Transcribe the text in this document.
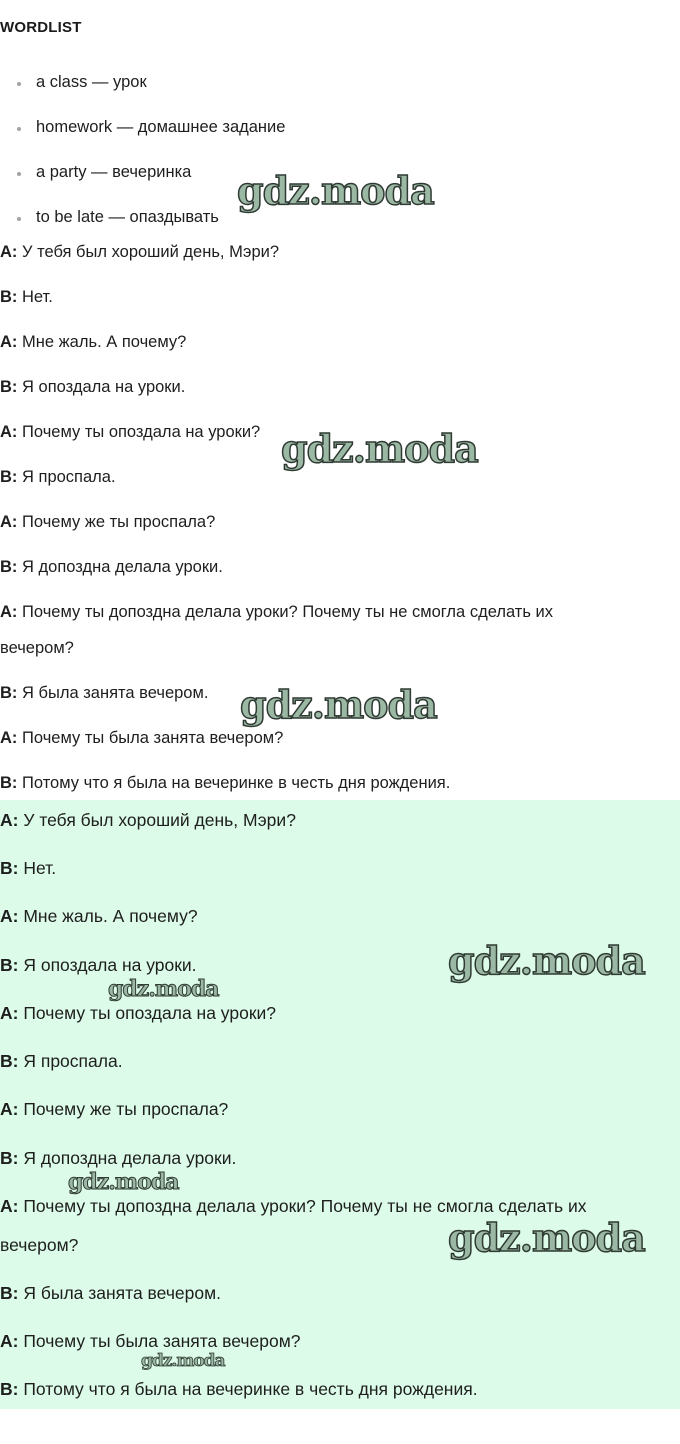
WORDLIST
a class — урок
homework — домашнее задание
a party — вечеринка
to be late — опаздывать
A: У тебя был хороший день, Мэри?
B: Нет.
A: Мне жаль. А почему?
B: Я опоздала на уроки.
A: Почему ты опоздала на уроки?
B: Я проспала.
A: Почему же ты проспала?
B: Я допоздна делала уроки.
A: Почему ты допоздна делала уроки? Почему ты не смогла сделать их
вечером?
B: Я была занята вечером.
A: Почему ты была занята вечером?
B: Потому что я была на вечеринке в честь дня рождения.
A: У тебя был хороший день, Мэри?
B: Нет.
A: Мне жаль. А почему?
B: Я опоздала на уроки.
A: Почему ты опоздала на уроки?
B: Я проспала.
A: Почему же ты проспала?
B: Я допоздна делала уроки.
A: Почему ты допоздна делала уроки? Почему ты не смогла сделать их
вечером?
B: Я была занята вечером.
A: Почему ты была занята вечером?
B: Потому что я была на вечеринке в честь дня рождения.
gdz.moda
gdz.moda
gdz.moda
gdz.moda
gdz.moda
gdz.moda
gdz.moda
gdz.moda
